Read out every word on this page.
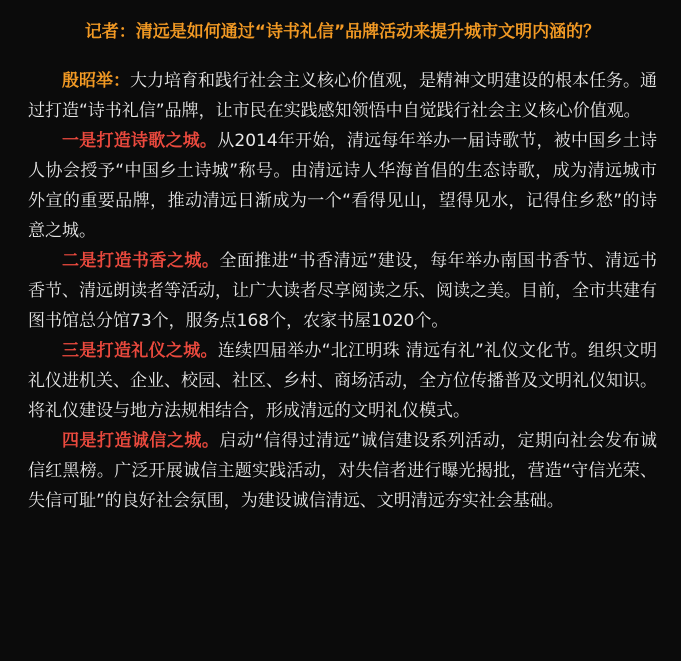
记者：清远是如何通过“诗书礼信”品牌活动来提升城市文明内涵的？

殷昭举：大力培育和践行社会主义核心价值观，是精神文明建设的根本任务。通过打造“诗书礼信”品牌，让市民在实践感知领悟中自觉践行社会主义核心价值观。

一是打造诗歌之城。从2014年开始，清远每年举办一届诗歌节，被中国乡土诗人协会授予“中国乡土诗城”称号。由清远诗人华海首倡的生态诗歌，成为清远城市外宣的重要品牌，推动清远日渐成为一个“看得见山，望得见水，记得住乡愁”的诗意之城。

二是打造书香之城。全面推进“书香清远”建设，每年举办南国书香节、清远书香节、清远朗读者等活动，让广大读者尽享阅读之乐、阅读之美。目前，全市共建有图书馆总分馆73个，服务点168个，农家书屋1020个。

三是打造礼仪之城。连续四届举办“北江明珠 清远有礼”礼仪文化节。组织文明礼仪进机关、企业、校园、社区、乡村、商场活动，全方位传播普及文明礼仪知识。将礼仪建设与地方法规相结合，形成清远的文明礼仪模式。

四是打造诚信之城。启动“信得过清远”诚信建设系列活动，定期向社会发布诚信红黑榜。广泛开展诚信主题实践活动，对失信者进行曝光揭批，营造“守信光荣、失信可耻”的良好社会氛围，为建设诚信清远、文明清远夯实社会基础。
